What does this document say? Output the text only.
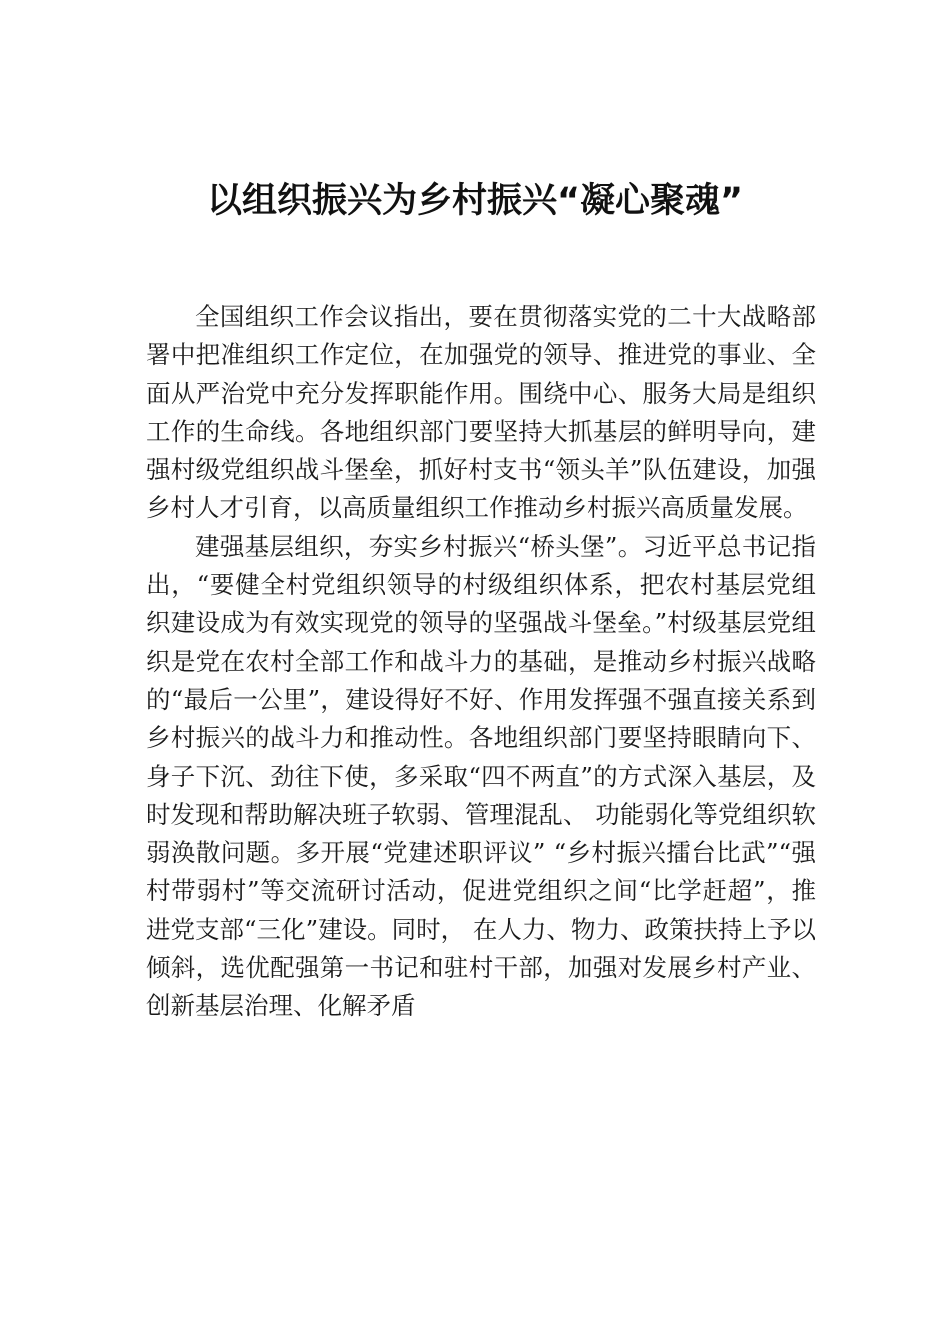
以组织振兴为乡村振兴“凝心聚魂”

全国组织工作会议指出，要在贯彻落实党的二十大战略部署中把准组织工作定位，在加强党的领导、推进党的事业、全面从严治党中充分发挥职能作用。围绕中心、服务大局是组织工作的生命线。各地组织部门要坚持大抓基层的鲜明导向，建强村级党组织战斗堡垒，抓好村支书“领头羊”队伍建设，加强乡村人才引育，以高质量组织工作推动乡村振兴高质量发展。

建强基层组织，夯实乡村振兴“桥头堡”。习近平总书记指出，“要健全村党组织领导的村级组织体系，把农村基层党组织建设成为有效实现党的领导的坚强战斗堡垒。”村级基层党组织是党在农村全部工作和战斗力的基础，是推动乡村振兴战略的“最后一公里”，建设得好不好、作用发挥强不强直接关系到乡村振兴的战斗力和推动性。各地组织部门要坚持眼睛向下、身子下沉、劲往下使，多采取“四不两直”的方式深入基层，及时发现和帮助解决班子软弱、管理混乱、 功能弱化等党组织软弱涣散问题。多开展“党建述职评议” “乡村振兴擂台比武”“强村带弱村”等交流研讨活动，促进党组织之间“比学赶超”，推进党支部“三化”建设。同时， 在人力、物力、政策扶持上予以倾斜，选优配强第一书记和驻村干部，加强对发展乡村产业、创新基层治理、化解矛盾
